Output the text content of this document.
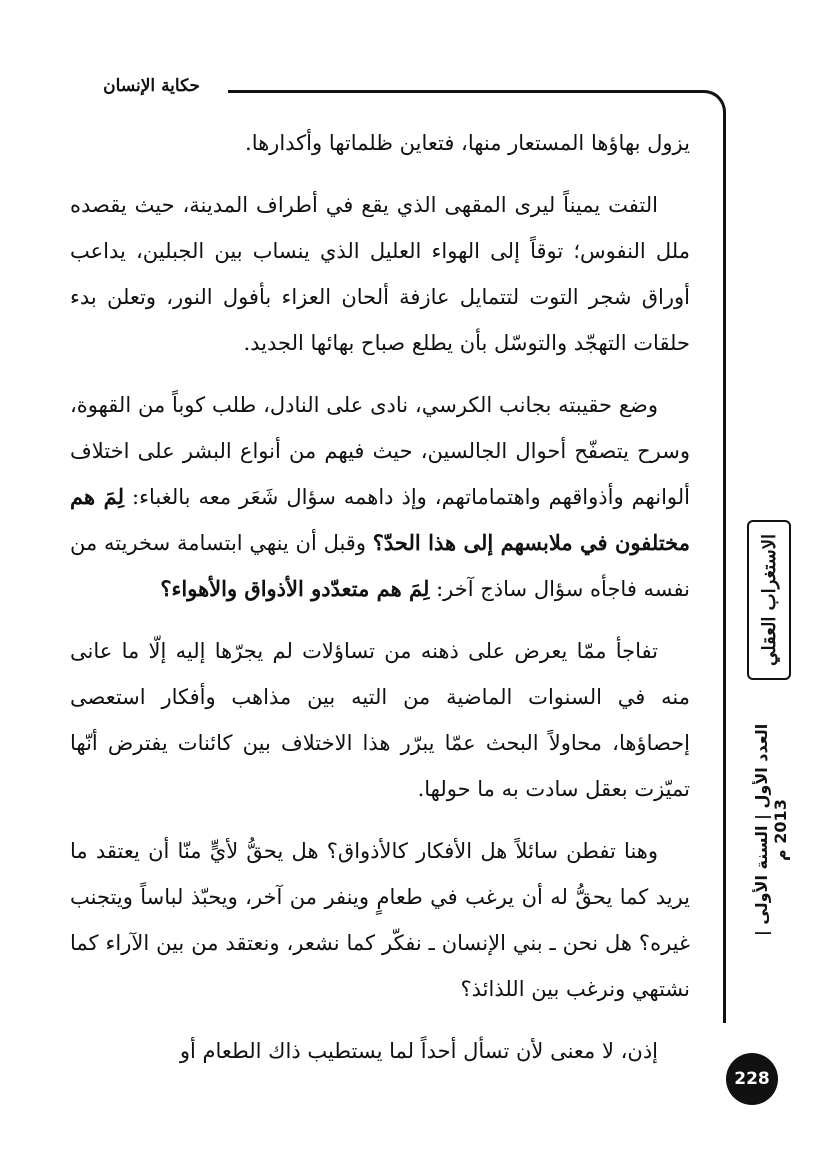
حكاية الإنسان

يزول بهاؤها المستعار منها، فتعاين ظلماتها وأكدارها.

التفت يميناً ليرى المقهى الذي يقع في أطراف المدينة، حيث يقصده ملل النفوس؛ توقاً إلى الهواء العليل الذي ينساب بين الجبلين، يداعب أوراق شجر التوت لتتمايل عازفة ألحان العزاء بأفول النور، وتعلن بدء حلقات التهجّد والتوسّل بأن يطلع صباح بهائها الجديد.

وضع حقيبته بجانب الكرسي، نادى على النادل، طلب كوباً من القهوة، وسرح يتصفّح أحوال الجالسين، حيث فيهم من أنواع البشر على اختلاف ألوانهم وأذواقهم واهتماماتهم، وإذ داهمه سؤال شَعَر معه بالغباء: لِمَ هم مختلفون في ملابسهم إلى هذا الحدّ؟ وقبل أن ينهي ابتسامة سخريته من نفسه فاجأه سؤال ساذج آخر: لِمَ هم متعدّدو الأذواق والأهواء؟

تفاجأ ممّا يعرض على ذهنه من تساؤلات لم يجرّها إليه إلّا ما عانى منه في السنوات الماضية من التيه بين مذاهب وأفكار استعصى إحصاؤها، محاولاً البحث عمّا يبرّر هذا الاختلاف بين كائنات يفترض أنّها تميّزت بعقل سادت به ما حولها.

وهنا تفطن سائلاً هل الأفكار كالأذواق؟ هل يحقُّ لأيٍّ منّا أن يعتقد ما يريد كما يحقُّ له أن يرغب في طعامٍ وينفر من آخر، ويحبّذ لباساً ويتجنب غيره؟ هل نحن ـ بني الإنسان ـ نفكّر كما نشعر، ونعتقد من بين الآراء كما نشتهي ونرغب بين اللذائذ؟

إذن، لا معنى لأن تسأل أحداً لما يستطيب ذاك الطعام أو

الاستغراب العقلي
العدد الأول | السنة الأولى | 2013 م
228
